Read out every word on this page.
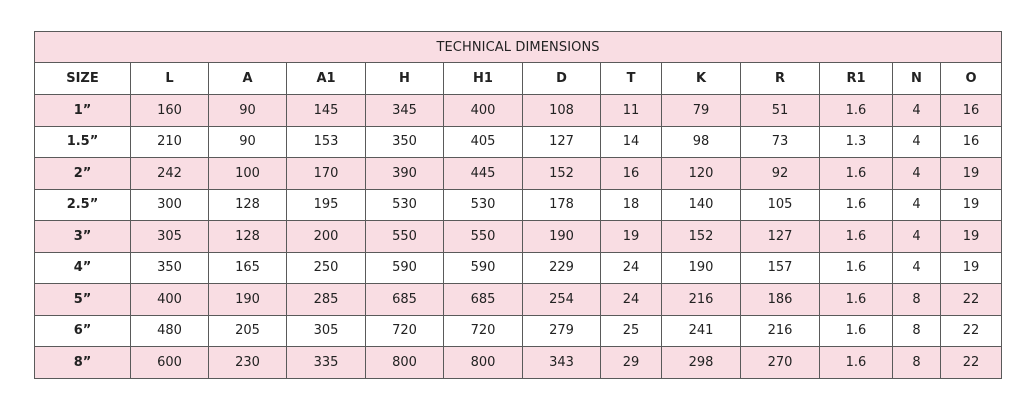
TECHNICAL DIMENSIONS												
SIZE	L	A	A1	H	H1	D	T	K	R	R1	N	O
1”	160	90	145	345	400	108	11	79	51	1.6	4	16
1.5”	210	90	153	350	405	127	14	98	73	1.3	4	16
2”	242	100	170	390	445	152	16	120	92	1.6	4	19
2.5”	300	128	195	530	530	178	18	140	105	1.6	4	19
3”	305	128	200	550	550	190	19	152	127	1.6	4	19
4”	350	165	250	590	590	229	24	190	157	1.6	4	19
5”	400	190	285	685	685	254	24	216	186	1.6	8	22
6”	480	205	305	720	720	279	25	241	216	1.6	8	22
8”	600	230	335	800	800	343	29	298	270	1.6	8	22
